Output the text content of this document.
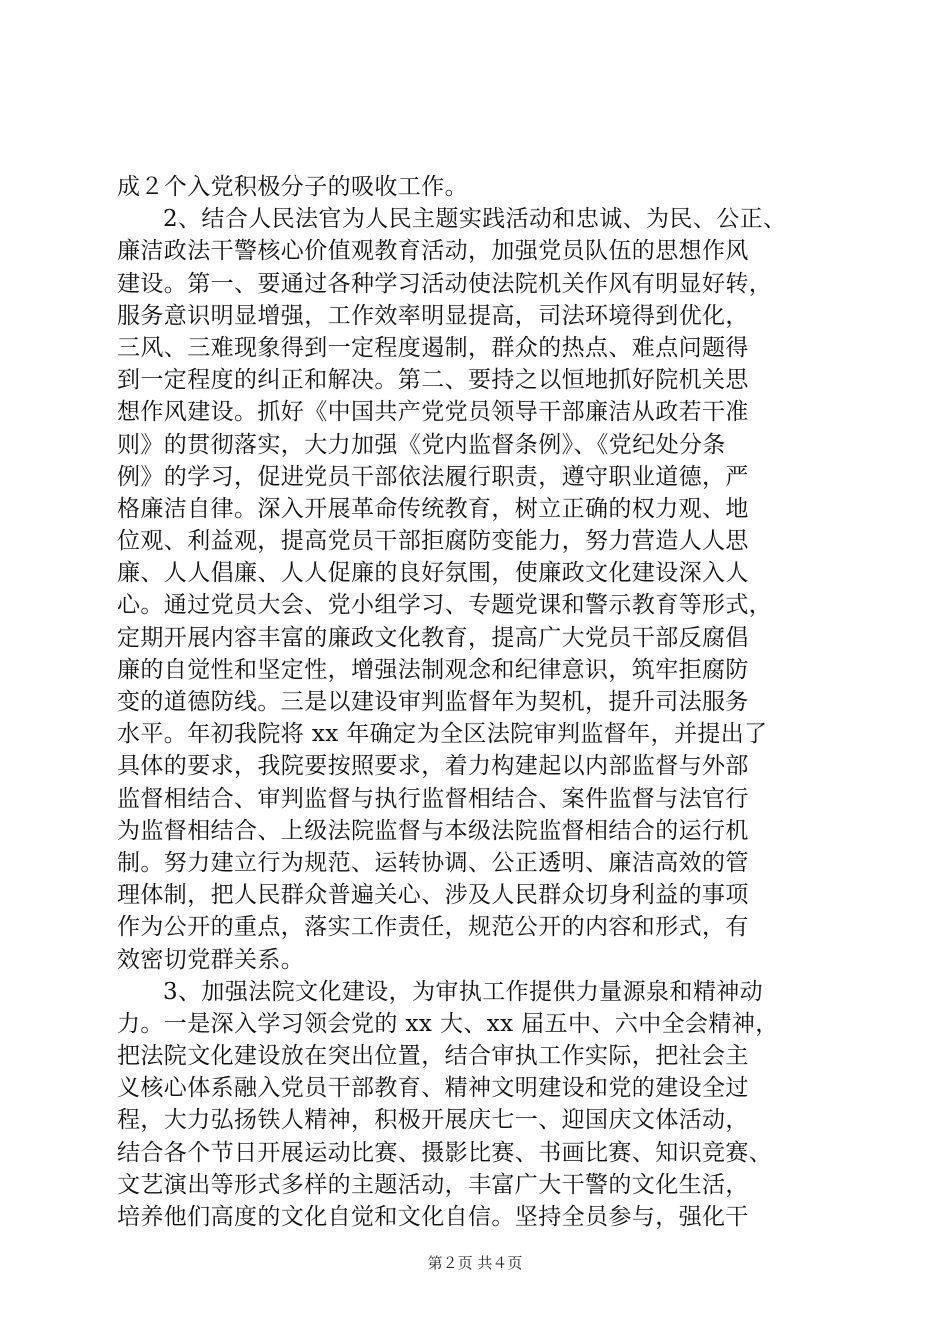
成２个入党积极分子的吸收工作。
2、结合人民法官为人民主题实践活动和忠诚、为民、公正、
廉洁政法干警核心价值观教育活动，加强党员队伍的思想作风
建设。第一、要通过各种学习活动使法院机关作风有明显好转，
服务意识明显增强，工作效率明显提高，司法环境得到优化，
三风、三难现象得到一定程度遏制，群众的热点、难点问题得
到一定程度的纠正和解决。第二、要持之以恒地抓好院机关思
想作风建设。抓好《中国共产党党员领导干部廉洁从政若干准
则》的贯彻落实，大力加强《党内监督条例》、《党纪处分条
例》的学习，促进党员干部依法履行职责，遵守职业道德，严
格廉洁自律。深入开展革命传统教育，树立正确的权力观、地
位观、利益观，提高党员干部拒腐防变能力，努力营造人人思
廉、人人倡廉、人人促廉的良好氛围，使廉政文化建设深入人
心。通过党员大会、党小组学习、专题党课和警示教育等形式，
定期开展内容丰富的廉政文化教育，提高广大党员干部反腐倡
廉的自觉性和坚定性，增强法制观念和纪律意识，筑牢拒腐防
变的道德防线。三是以建设审判监督年为契机，提升司法服务
水平。年初我院将 xx 年确定为全区法院审判监督年，并提出了
具体的要求，我院要按照要求，着力构建起以内部监督与外部
监督相结合、审判监督与执行监督相结合、案件监督与法官行
为监督相结合、上级法院监督与本级法院监督相结合的运行机
制。努力建立行为规范、运转协调、公正透明、廉洁高效的管
理体制，把人民群众普遍关心、涉及人民群众切身利益的事项
作为公开的重点，落实工作责任，规范公开的内容和形式，有
效密切党群关系。
3、加强法院文化建设，为审执工作提供力量源泉和精神动
力。一是深入学习领会党的 xx 大、xx 届五中、六中全会精神，
把法院文化建设放在突出位置，结合审执工作实际，把社会主
义核心体系融入党员干部教育、精神文明建设和党的建设全过
程，大力弘扬铁人精神，积极开展庆七一、迎国庆文体活动，
结合各个节日开展运动比赛、摄影比赛、书画比赛、知识竞赛、
文艺演出等形式多样的主题活动，丰富广大干警的文化生活，
培养他们高度的文化自觉和文化自信。坚持全员参与，强化干
第２页 共４页
